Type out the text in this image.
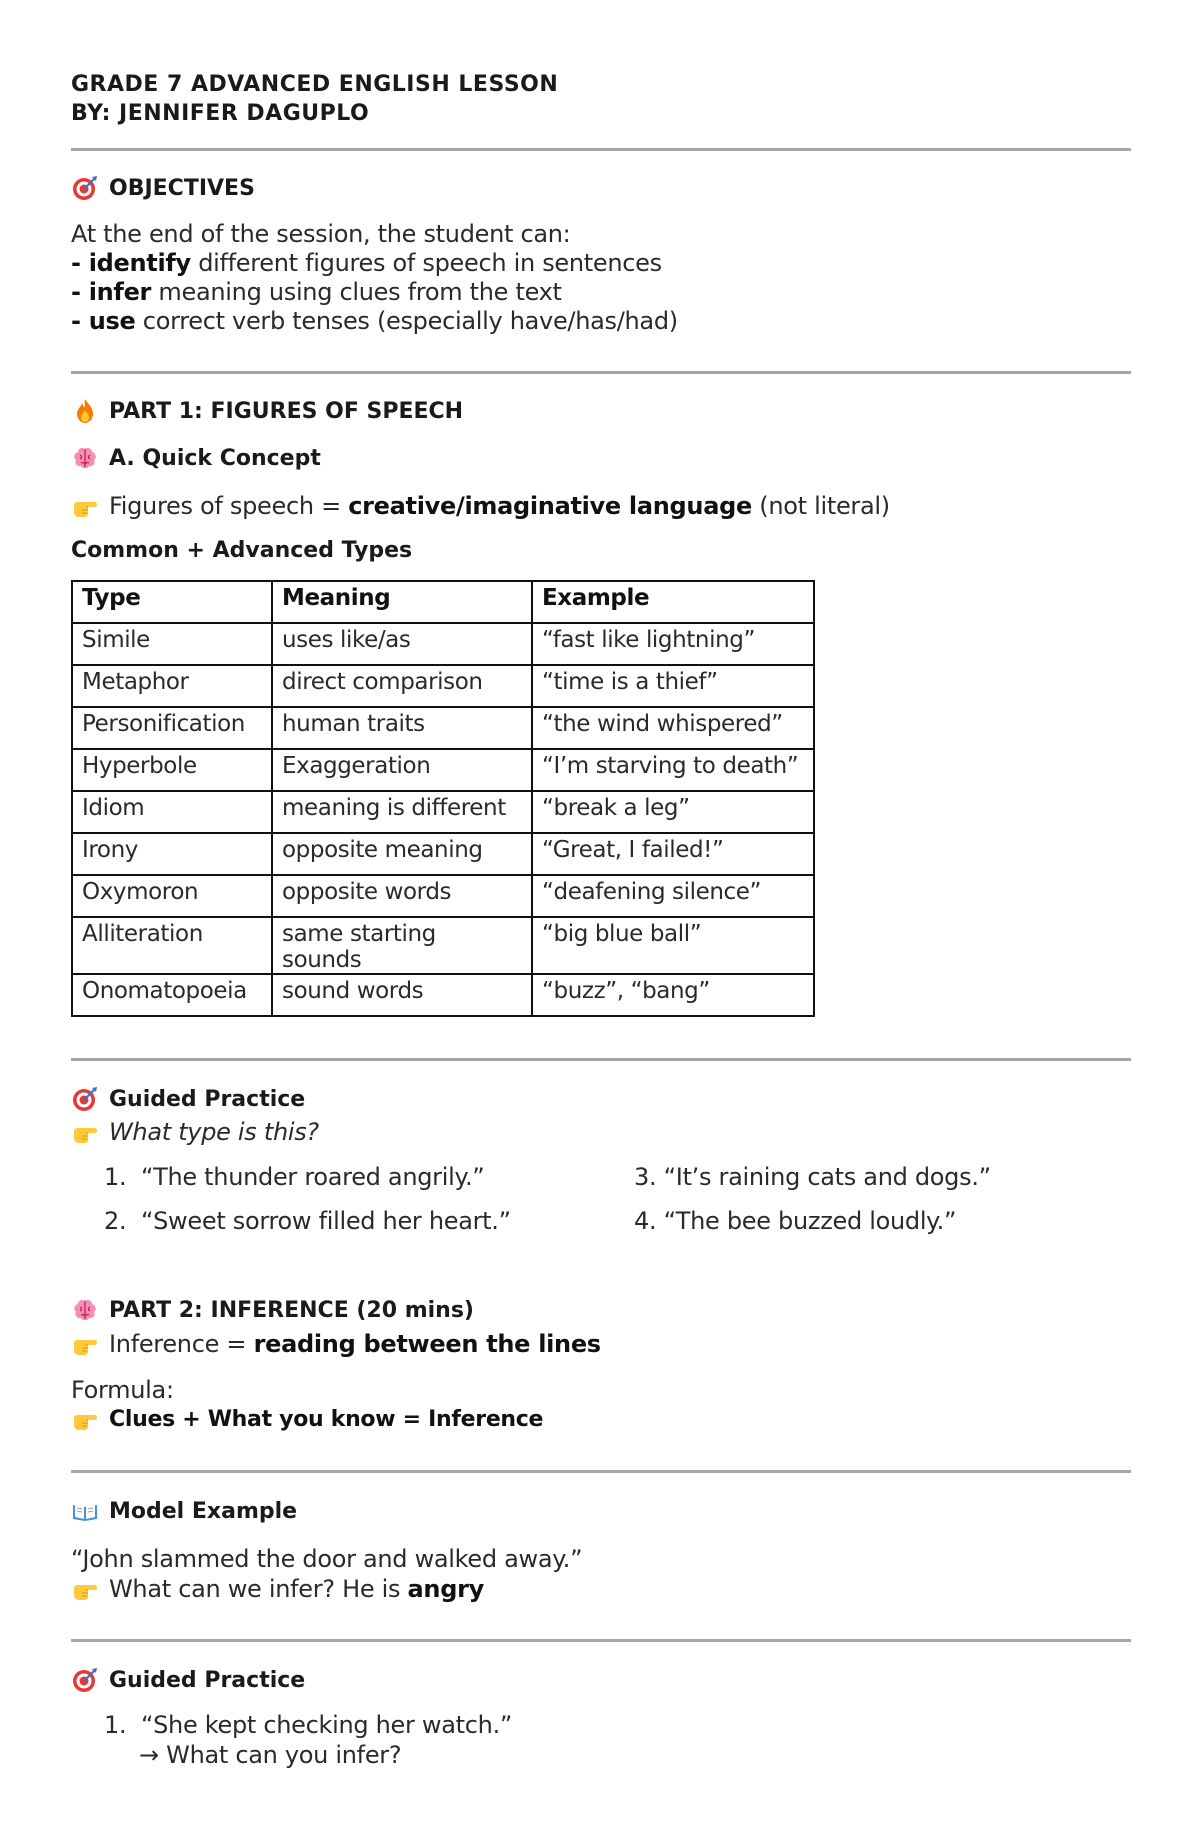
GRADE 7 ADVANCED ENGLISH LESSON
BY: JENNIFER DAGUPLO
OBJECTIVES
At the end of the session, the student can:
- identify different figures of speech in sentences
- infer meaning using clues from the text
- use correct verb tenses (especially have/has/had)
PART 1: FIGURES OF SPEECH
A. Quick Concept
Figures of speech = creative/imaginative language (not literal)
Common + Advanced Types
Type	Meaning	Example
Simile	uses like/as	“fast like lightning”
Metaphor	direct comparison	“time is a thief”
Personification	human traits	“the wind whispered”
Hyperbole	Exaggeration	“I’m starving to death”
Idiom	meaning is different	“break a leg”
Irony	opposite meaning	“Great, I failed!”
Oxymoron	opposite words	“deafening silence”
Alliteration	same starting sounds	“big blue ball”
Onomatopoeia	sound words	“buzz”, “bang”
Guided Practice
What type is this?
1. “The thunder roared angrily.”
2. “Sweet sorrow filled her heart.”
3. “It’s raining cats and dogs.”
4. “The bee buzzed loudly.”
PART 2: INFERENCE (20 mins)
Inference = reading between the lines
Formula:
Clues + What you know = Inference
Model Example
“John slammed the door and walked away.”
What can we infer? He is angry
Guided Practice
1. “She kept checking her watch.”
→ What can you infer?
